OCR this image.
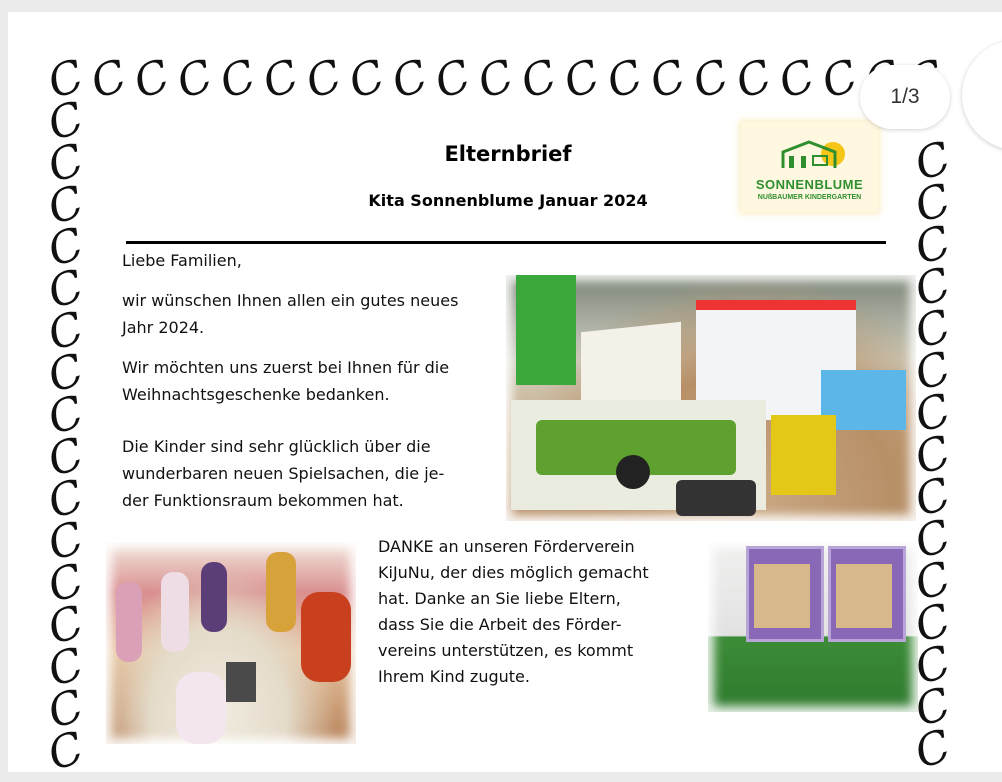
C
C
C
C
C
C
C
C
C
C
C
C
C
C
C
C
C
C
C
C
C
C
C
C
C
C
C
C
C
C
C
C
C
C
C
C
C
C
C
C
C
C
C
C
C
C
C
C
C
C
C
C
Elternbrief
Kita Sonnenblume Januar 2024
SONNENBLUME
NUßBAUMER KINDERGARTEN
Liebe Familien,
wir wünschen Ihnen allen ein gutes neues
Jahr 2024.
Wir möchten uns zuerst bei Ihnen für die
Weihnachtsgeschenke bedanken.
Die Kinder sind sehr glücklich über die
wunderbaren neuen Spielsachen, die je-
der Funktionsraum bekommen hat.
DANKE an unseren Förderverein
KiJuNu, der dies möglich gemacht
hat. Danke an Sie liebe Eltern,
dass Sie die Arbeit des Förder-
vereins unterstützen, es kommt
Ihrem Kind zugute.
1/3
